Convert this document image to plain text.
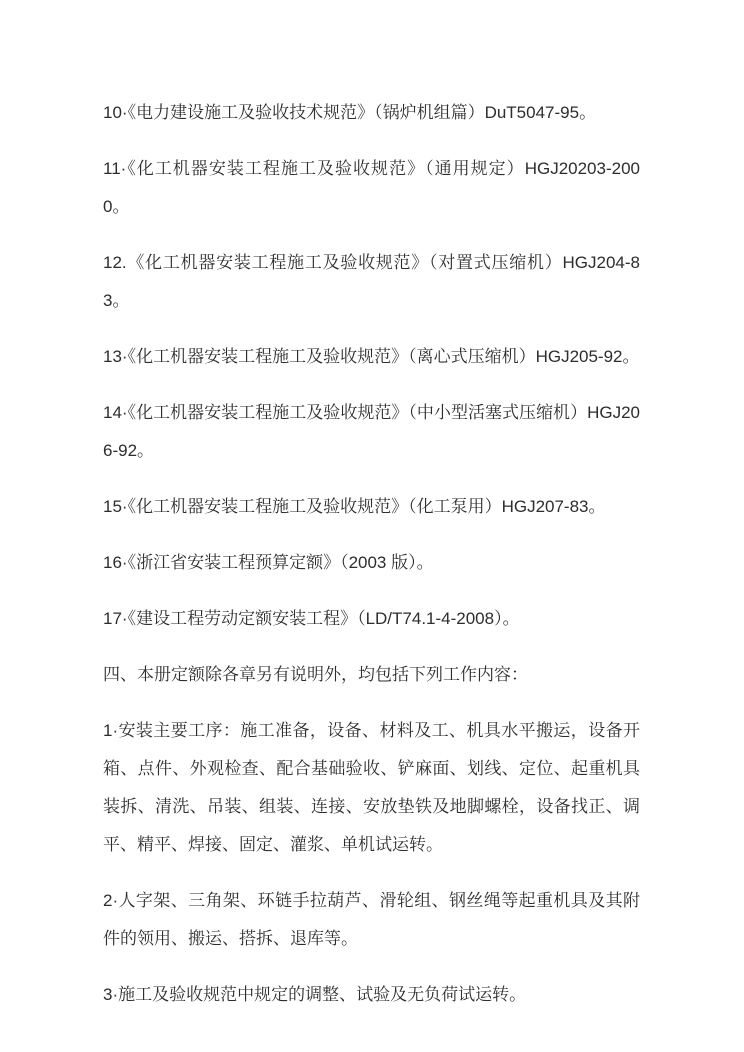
10·《电力建设施工及验收技术规范》（锅炉机组篇）DuT5047-95。

11·《化工机器安装工程施工及验收规范》（通用规定）HGJ20203-2000。

12.《化工机器安装工程施工及验收规范》（对置式压缩机）HGJ204-83。

13·《化工机器安装工程施工及验收规范》（离心式压缩机）HGJ205-92。

14·《化工机器安装工程施工及验收规范》（中小型活塞式压缩机）HGJ206-92。

15·《化工机器安装工程施工及验收规范》（化工泵用）HGJ207-83。

16·《浙江省安装工程预算定额》（2003 版）。

17·《建设工程劳动定额安装工程》（LD/T74.1-4-2008）。

四、本册定额除各章另有说明外，均包括下列工作内容：

1·安装主要工序：施工准备，设备、材料及工、机具水平搬运，设备开箱、点件、外观检查、配合基础验收、铲麻面、划线、定位、起重机具装拆、清洗、吊装、组装、连接、安放垫铁及地脚螺栓，设备找正、调平、精平、焊接、固定、灌浆、单机试运转。

2·人字架、三角架、环链手拉葫芦、滑轮组、钢丝绳等起重机具及其附件的领用、搬运、搭拆、退库等。

3·施工及验收规范中规定的调整、试验及无负荷试运转。
